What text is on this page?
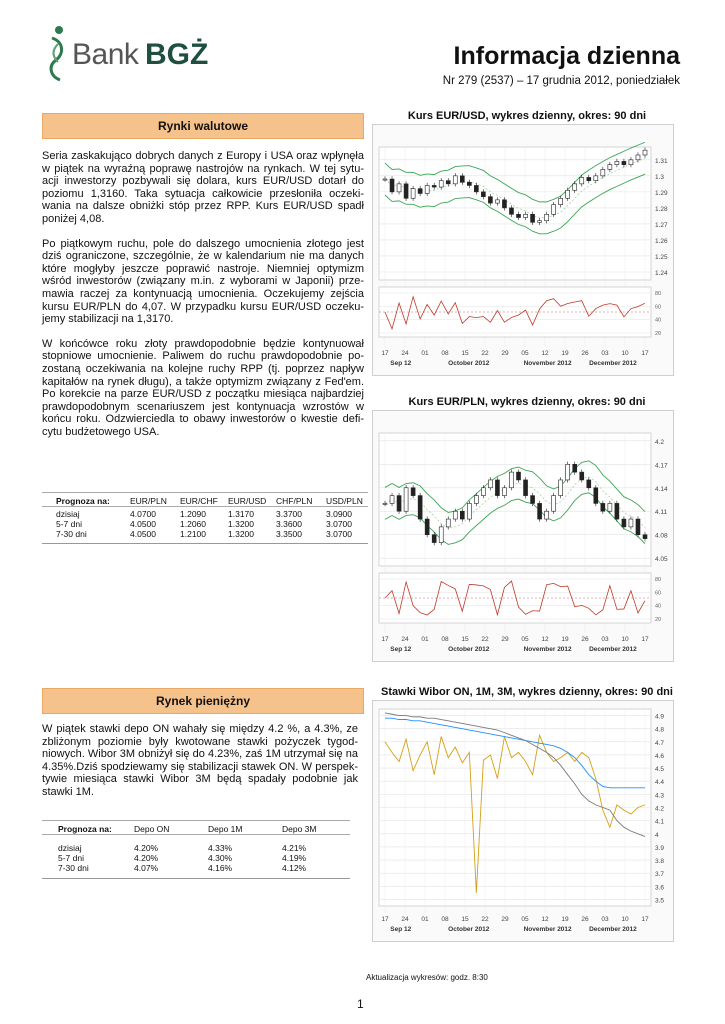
Bank BGŻ	Informacja dzienna
Nr 279 (2537) – 17 grudnia 2012, poniedziałek
Rynki walutowe

Seria zaskakująco dobrych danych z Europy i USA oraz wpłynęła w piątek na wyraźną poprawę nastrojów na rynkach. W tej sytu-acji inwestorzy pozbywali się dolara, kurs EUR/USD dotarł do poziomu 1,3160. Taka sytuacja całkowicie przesłoniła oczeki-wania na dalsze obniżki stóp przez RPP. Kurs EUR/USD spadł poniżej 4,08.

Po piątkowym ruchu, pole do dalszego umocnienia złotego jest dziś ograniczone, szczególnie, że w kalendarium nie ma danych które mogłyby jeszcze poprawić nastroje. Niemniej optymizm wśród inwestorów (związany m.in. z wyborami w Japonii) prze-mawia raczej za kontynuacją umocnienia. Oczekujemy zejścia kursu EUR/PLN do 4,07. W przypadku kursu EUR/USD oczeku-jemy stabilizacji na 1,3170.

W końcówce roku złoty prawdopodobnie będzie kontynuował stopniowe umocnienie. Paliwem do ruchu prawdopodobnie po-zostaną oczekiwania na kolejne ruchy RPP (tj. poprzez napływ kapitałów na rynek długu), a także optymizm związany z Fed'em. Po korekcie na parze EUR/USD z początku miesiąca najbardziej prawdopodobnym scenariuszem jest kontynuacja wzrostów w końcu roku. Odzwierciedla to obawy inwestorów o kwestie defi-cytu budżetowego USA.

Prognoza na:	EUR/PLN	EUR/CHF	EUR/USD	CHF/PLN	USD/PLN

dzisiaj	4.0700	1.2090	1.3170	3.3700	3.0900
5-7 dni	4.0500	1.2060	1.3200	3.3600	3.0700
7-30 dni	4.0500	1.2100	1.3200	3.3500	3.0700
Rynek pieniężny

W piątek stawki depo ON wahały się między 4.2 %, a 4.3%, ze zbliżonym poziomie były kwotowane stawki pożyczek tygod-niowych. Wibor 3M obniżył się do 4.23%, zaś 1M utrzymał się na 4.35%.Dziś spodziewamy się stabilizacji stawek ON. W perspek-tywie miesiąca stawki Wibor 3M będą spadały podobnie jak stawki 1M.

Prognoza na:	Depo ON	Depo 1M	Depo 3M

dzisiaj	4.20%	4.33%	4.21%
5-7 dni	4.20%	4.30%	4.19%
7-30 dni	4.07%	4.16%	4.12%
Kurs EUR/USD, wykres dzienny, okres: 90 dni
Kurs EUR/PLN, wykres dzienny, okres: 90 dni
Stawki Wibor ON, 1M, 3M, wykres dzienny, okres: 90 dni
1.31
1.3
1.29
1.28
1.27
1.26
1.25
1.24
17 24 01 08 15 22 29 05 12 19 26 03 10 17
Sep 12	October 2012	November 2012	December 2012
80
60
40
20
4.2
4.17
4.14
4.11
4.08
4.05
17 24 01 08 15 22 29 05 12 19 26 03 10 17
Sep 12	October 2012	November 2012	December 2012
80
60
40
20
4.9
4.8
4.7
4.6
4.5
4.4
4.3
4.2
4.1
4
3.9
3.8
3.7
3.6
3.5
17 24 01 08 15 22 29 05 12 19 26 03 10 17
Sep 12	October 2012	November 2012	December 2012
Aktualizacja wykresów: godz. 8:30
1
